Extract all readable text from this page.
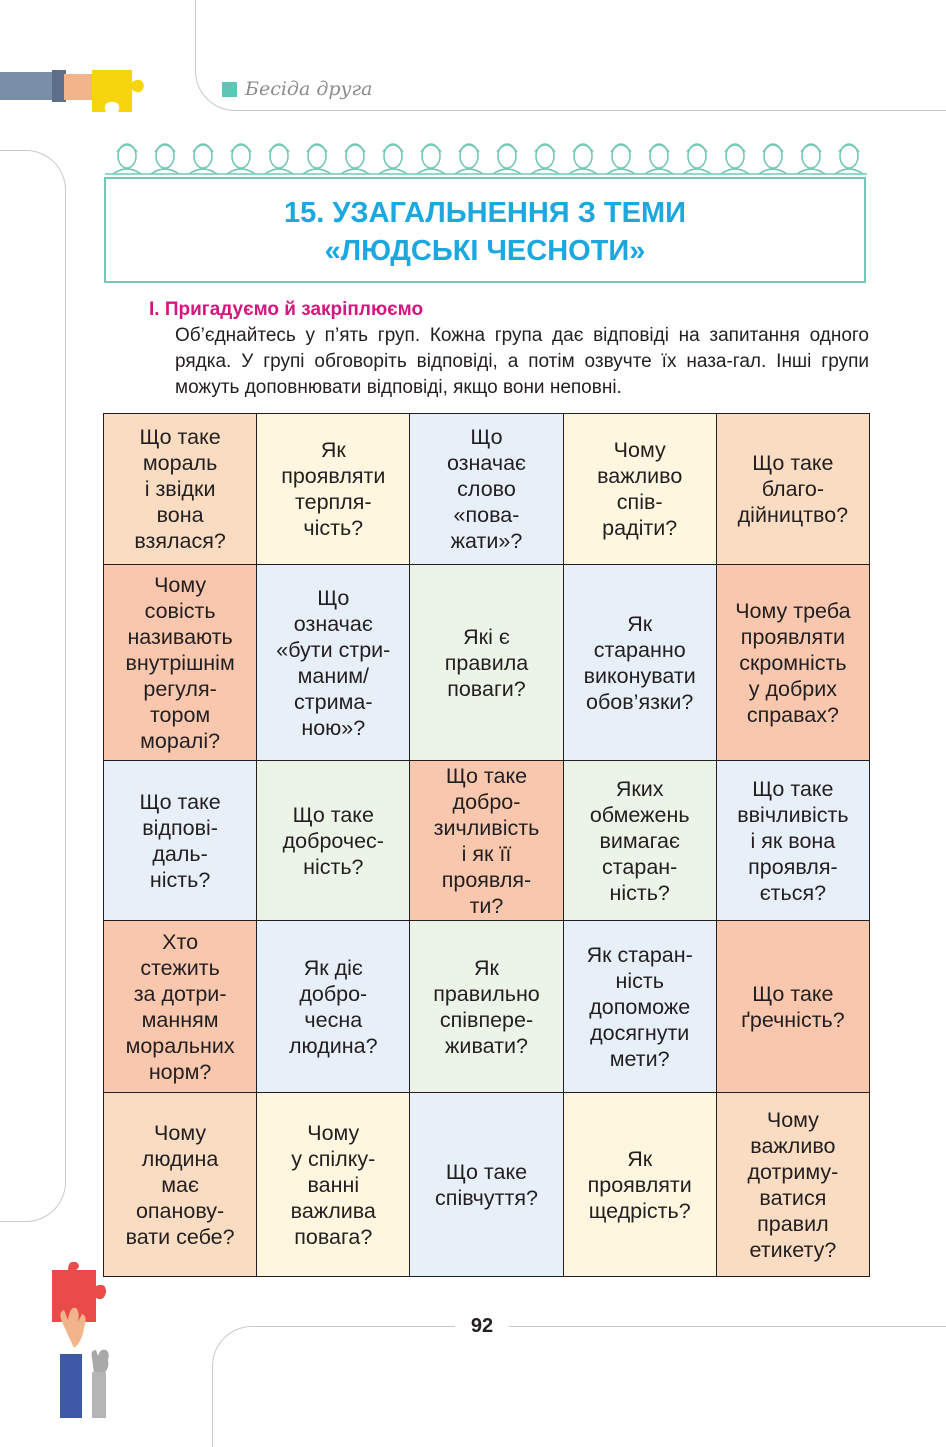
Бесіда друга
15. УЗАГАЛЬНЕННЯ З ТЕМИ
«ЛЮДСЬКІ ЧЕСНОТИ»
І. Пригадуємо й закріплюємо
Об’єднайтесь у п’ять груп. Кожна група дає відповіді на запитання одного рядка. У групі обговоріть відповіді, а потім озвучте їх наза-гал. Інші групи можуть доповнювати відповіді, якщо вони неповні.
Що таке
мораль
і звідки
вона
взялася?
Як
проявляти
терпля-
чість?
Що
означає
слово
«пова-
жати»?
Чому
важливо
спів-
радіти?
Що таке
благо-
дійництво?
Чому
совість
називають
внутрішнім
регуля-
тором
моралі?
Що
означає
«бути стри-
маним/
стрима-
ною»?
Які є
правила
поваги?
Як
старанно
виконувати
обов’язки?
Чому треба
проявляти
скромність
у добрих
справах?
Що таке
відпові-
даль-
ність?
Що таке
доброчес-
ність?
Що таке
добро-
зичливість
і як її
проявля-
ти?
Яких
обмежень
вимагає
старан-
ність?
Що таке
ввічливість
і як вона
проявля-
ється?
Хто
стежить
за дотри-
манням
моральних
норм?
Як діє
добро-
чесна
людина?
Як
правильно
співпере-
живати?
Як старан-
ність
допоможе
досягнути
мети?
Що таке
ґречність?
Чому
людина
має
опанову-
вати себе?
Чому
у спілку-
ванні
важлива
повага?
Що таке
співчуття?
Як
проявляти
щедрість?
Чому
важливо
дотриму-
ватися
правил
етикету?
92
